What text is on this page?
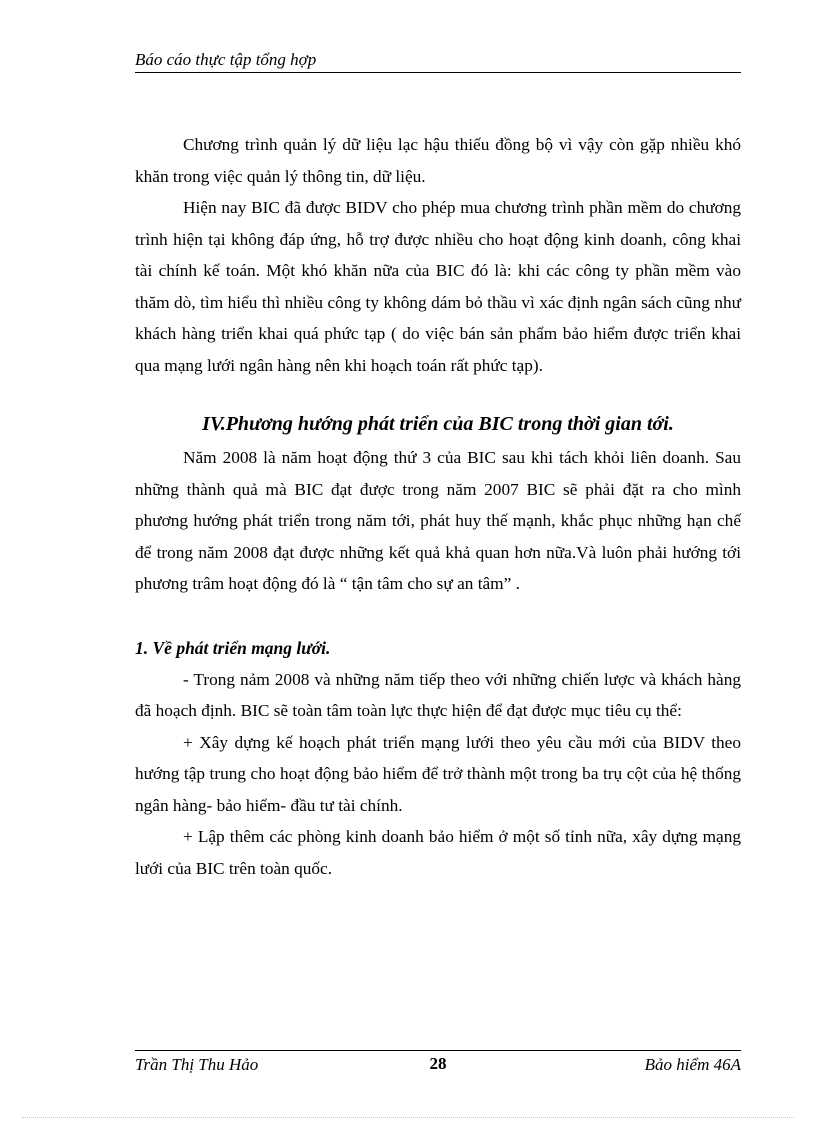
Báo cáo thực tập tổng hợp

Chương trình quản lý dữ liệu lạc hậu thiếu đồng bộ vì vậy còn gặp nhiều khó khăn trong việc quản lý thông tin, dữ liệu.

Hiện nay BIC đã được BIDV cho phép mua chương trình phần mềm do chương trình hiện tại không đáp ứng, hỗ trợ được nhiều cho hoạt động kinh doanh, công khai tài chính kế toán. Một khó khăn nữa của BIC đó là: khi các công ty phần mềm vào thăm dò, tìm hiểu thì nhiều công ty không dám bỏ thầu vì xác định ngân sách cũng như khách hàng triển khai quá phức tạp ( do việc bán sản phẩm bảo hiểm được triển khai qua mạng lưới ngân hàng nên khi hoạch toán rất phức tạp).

IV.Phương hướng phát triển của BIC trong thời gian tới.

Năm 2008 là năm hoạt động thứ 3 của BIC sau khi tách khỏi liên doanh. Sau những thành quả mà BIC đạt được trong năm 2007 BIC sẽ phải đặt ra cho mình phương hướng phát triển trong năm tới, phát huy thế mạnh, khắc phục những hạn chế để trong năm 2008 đạt được những kết quả khả quan hơn nữa.Và luôn phải hướng tới phương trâm hoạt động đó là “ tận tâm cho sự an tâm” .

1. Về phát triển mạng lưới.

- Trong nảm 2008 và những năm tiếp theo với những chiến lược và khách hàng đã hoạch định. BIC sẽ toàn tâm toàn lực thực hiện để đạt được mục tiêu cụ thể:

+ Xây dựng kế hoạch phát triển mạng lưới theo yêu cầu mới của BIDV theo hướng tập trung cho hoạt động bảo hiểm để trở thành một trong ba trụ cột của hệ thống ngân hàng- bảo hiểm- đầu tư tài chính.

+ Lập thêm các phòng kinh doanh bảo hiểm ở một số tỉnh nữa, xây dựng mạng lưới của BIC trên toàn quốc.

Trần Thị Thu Hảo	28	Bảo hiểm 46A
